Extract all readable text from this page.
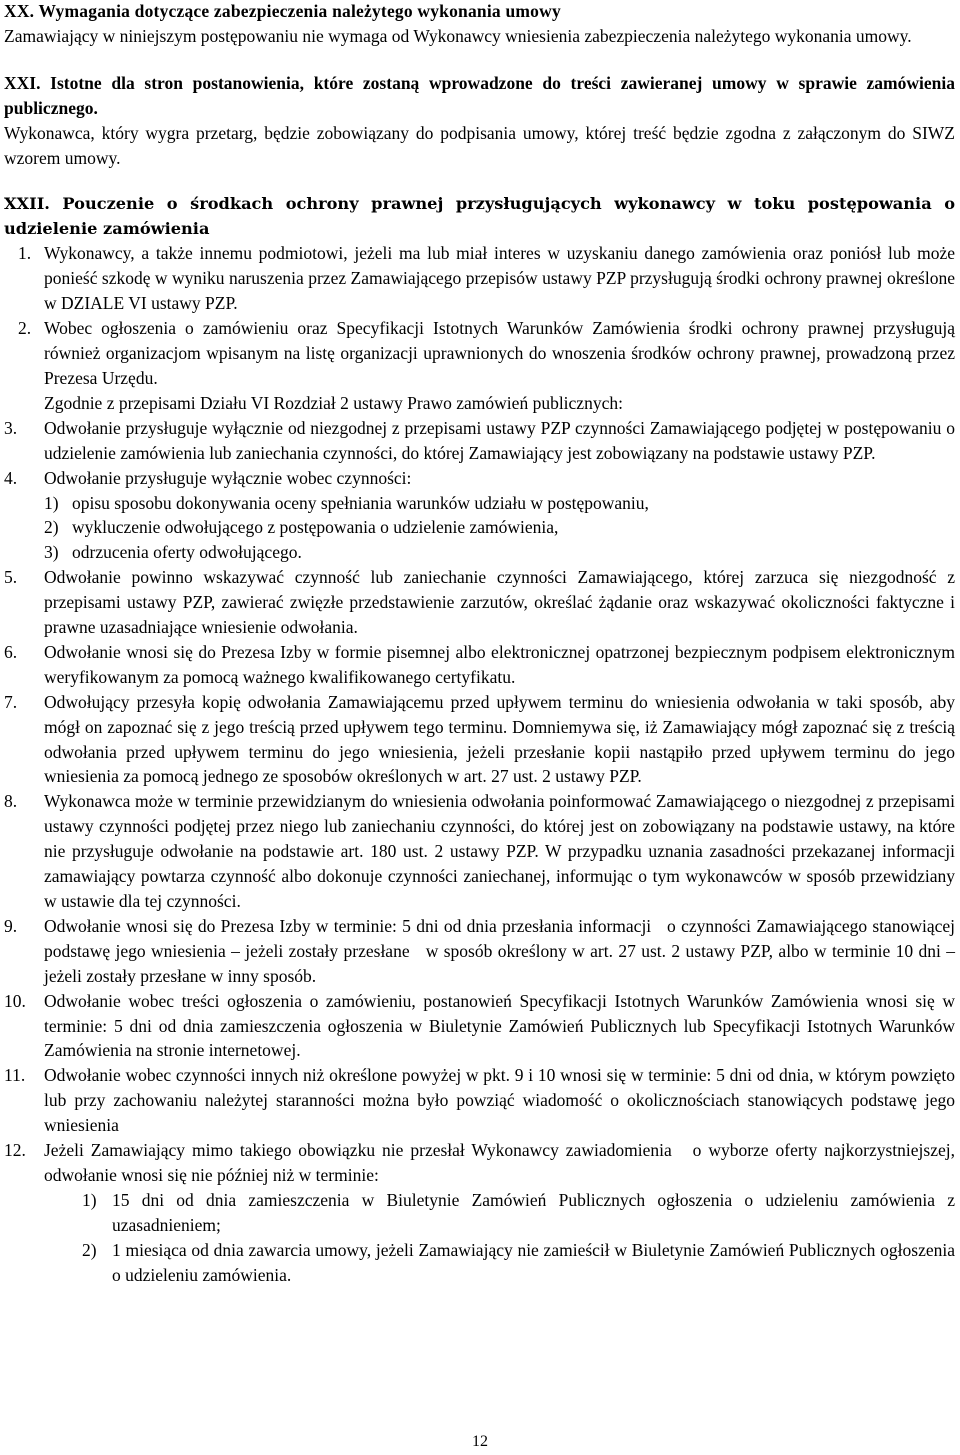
XX. Wymagania dotyczące zabezpieczenia należytego wykonania umowy

Zamawiający w niniejszym postępowaniu nie wymaga od Wykonawcy wniesienia zabezpieczenia należytego wykonania umowy.

XXI. Istotne dla stron postanowienia, które zostaną wprowadzone do treści zawieranej umowy w sprawie zamówienia publicznego.

Wykonawca, który wygra przetarg, będzie zobowiązany do podpisania umowy, której treść będzie zgodna z załączonym do SIWZ wzorem umowy.

XXII. Pouczenie o środkach ochrony prawnej przysługujących wykonawcy w toku postępowania o udzielenie zamówienia

1. Wykonawcy, a także innemu podmiotowi, jeżeli ma lub miał interes w uzyskaniu danego zamówienia oraz poniósł lub może ponieść szkodę w wyniku naruszenia przez Zamawiającego przepisów ustawy PZP przysługują środki ochrony prawnej określone w DZIALE VI ustawy PZP.
2. Wobec ogłoszenia o zamówieniu oraz Specyfikacji Istotnych Warunków Zamówienia środki ochrony prawnej przysługują również organizacjom wpisanym na listę organizacji uprawnionych do wnoszenia środków ochrony prawnej, prowadzoną przez Prezesa Urzędu.

Zgodnie z przepisami Działu VI Rozdział 2 ustawy Prawo zamówień publicznych:

3. Odwołanie przysługuje wyłącznie od niezgodnej z przepisami ustawy PZP czynności Zamawiającego podjętej w postępowaniu o udzielenie zamówienia lub zaniechania czynności, do której Zamawiający jest zobowiązany na podstawie ustawy PZP.
4. Odwołanie przysługuje wyłącznie wobec czynności:
1) opisu sposobu dokonywania oceny spełniania warunków udziału w postępowaniu,
2) wykluczenie odwołującego z postępowania o udzielenie zamówienia,
3) odrzucenia oferty odwołującego.
5. Odwołanie powinno wskazywać czynność lub zaniechanie czynności Zamawiającego, której zarzuca się niezgodność z przepisami ustawy PZP, zawierać zwięzłe przedstawienie zarzutów, określać żądanie oraz wskazywać okoliczności faktyczne i prawne uzasadniające wniesienie odwołania.
6. Odwołanie wnosi się do Prezesa Izby w formie pisemnej albo elektronicznej opatrzonej bezpiecznym podpisem elektronicznym weryfikowanym za pomocą ważnego kwalifikowanego certyfikatu.
7. Odwołujący przesyła kopię odwołania Zamawiającemu przed upływem terminu do wniesienia odwołania w taki sposób, aby mógł on zapoznać się z jego treścią przed upływem tego terminu. Domniemywa się, iż Zamawiający mógł zapoznać się z treścią odwołania przed upływem terminu do jego wniesienia, jeżeli przesłanie kopii nastąpiło przed upływem terminu do jego wniesienia za pomocą jednego ze sposobów określonych w art. 27 ust. 2 ustawy PZP.
8. Wykonawca może w terminie przewidzianym do wniesienia odwołania poinformować Zamawiającego o niezgodnej z przepisami ustawy czynności podjętej przez niego lub zaniechaniu czynności, do której jest on zobowiązany na podstawie ustawy, na które nie przysługuje odwołanie na podstawie art. 180 ust. 2 ustawy PZP. W przypadku uznania zasadności przekazanej informacji zamawiający powtarza czynność albo dokonuje czynności zaniechanej, informując o tym wykonawców w sposób przewidziany w ustawie dla tej czynności.
9. Odwołanie wnosi się do Prezesa Izby w terminie: 5 dni od dnia przesłania informacji   o czynności Zamawiającego stanowiącej podstawę jego wniesienia – jeżeli zostały przesłane   w sposób określony w art. 27 ust. 2 ustawy PZP, albo w terminie 10 dni – jeżeli zostały przesłane w inny sposób.
10. Odwołanie wobec treści ogłoszenia o zamówieniu, postanowień Specyfikacji Istotnych Warunków Zamówienia wnosi się w terminie: 5 dni od dnia zamieszczenia ogłoszenia w Biuletynie Zamówień Publicznych lub Specyfikacji Istotnych Warunków Zamówienia na stronie internetowej.
11. Odwołanie wobec czynności innych niż określone powyżej w pkt. 9 i 10 wnosi się w terminie: 5 dni od dnia, w którym powzięto lub przy zachowaniu należytej staranności można było powziąć wiadomość o okolicznościach stanowiących podstawę jego wniesienia
12. Jeżeli Zamawiający mimo takiego obowiązku nie przesłał Wykonawcy zawiadomienia   o wyborze oferty najkorzystniejszej, odwołanie wnosi się nie później niż w terminie:
1) 15 dni od dnia zamieszczenia w Biuletynie Zamówień Publicznych ogłoszenia o udzieleniu zamówienia z uzasadnieniem;
2) 1 miesiąca od dnia zawarcia umowy, jeżeli Zamawiający nie zamieścił w Biuletynie Zamówień Publicznych ogłoszenia o udzieleniu zamówienia.
12
